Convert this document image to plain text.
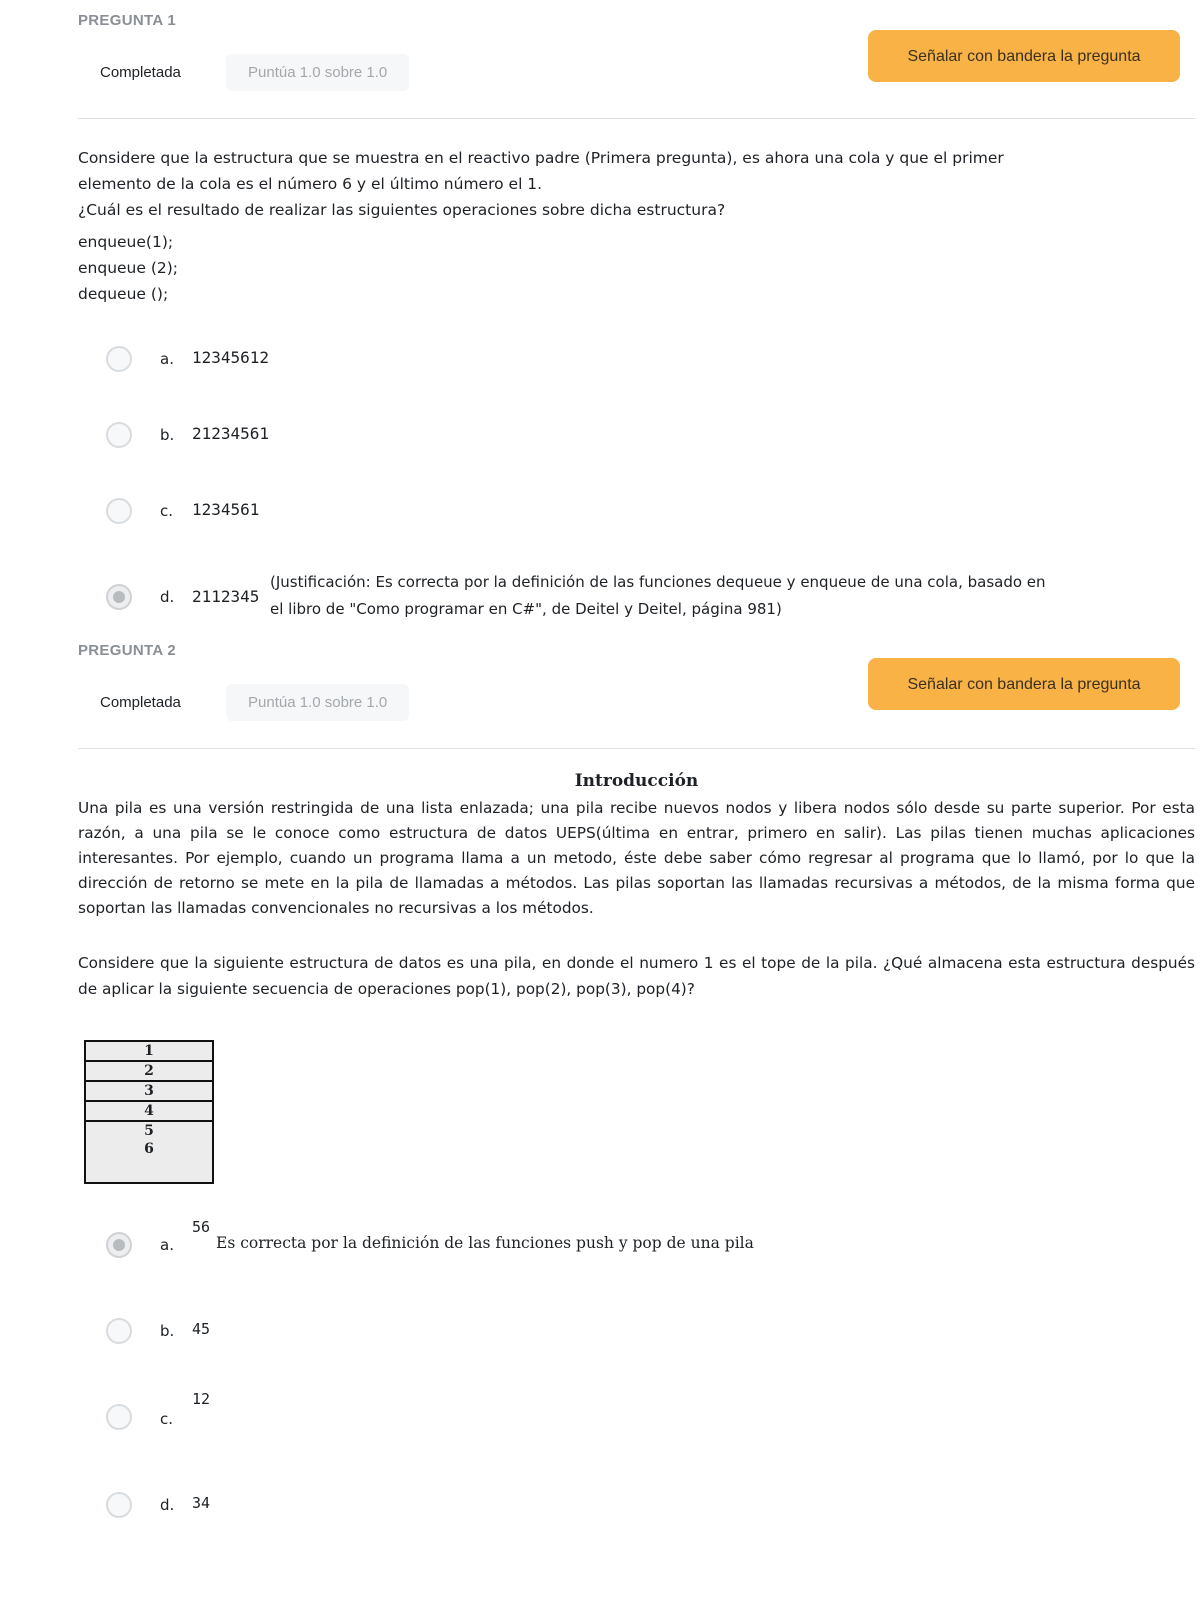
PREGUNTA 1
Completada	Puntúa 1.0 sobre 1.0
Señalar con bandera la pregunta
Considere que la estructura que se muestra en el reactivo padre (Primera pregunta), es ahora una cola y que el primer
elemento de la cola es el número 6 y el último número el 1.
¿Cuál es el resultado de realizar las siguientes operaciones sobre dicha estructura?
enqueue(1);
enqueue (2);
dequeue ();
a. 12345612
b. 21234561
c. 1234561
d. 2112345
(Justificación: Es correcta por la definición de las funciones dequeue y enqueue de una cola, basado en
el libro de "Como programar en C#", de Deitel y Deitel, página 981)
PREGUNTA 2
Completada	Puntúa 1.0 sobre 1.0
Señalar con bandera la pregunta
Introducción
Una pila es una versión restringida de una lista enlazada; una pila recibe nuevos nodos y libera nodos sólo desde su parte superior. Por esta razón, a una pila se le conoce como estructura de datos UEPS(última en entrar, primero en salir). Las pilas tienen muchas aplicaciones interesantes. Por ejemplo, cuando un programa llama a un metodo, éste debe saber cómo regresar al programa que lo llamó, por lo que la dirección de retorno se mete en la pila de llamadas a métodos. Las pilas soportan las llamadas recursivas a métodos, de la misma forma que soportan las llamadas convencionales no recursivas a los métodos.
Considere que la siguiente estructura de datos es una pila, en donde el numero 1 es el tope de la pila. ¿Qué almacena esta estructura después de aplicar la siguiente secuencia de operaciones pop(1), pop(2), pop(3), pop(4)?
1
2
3
4
5
6
a.
56
Es correcta por la definición de las funciones push y pop de una pila
b. 45
c.
12
d. 34
